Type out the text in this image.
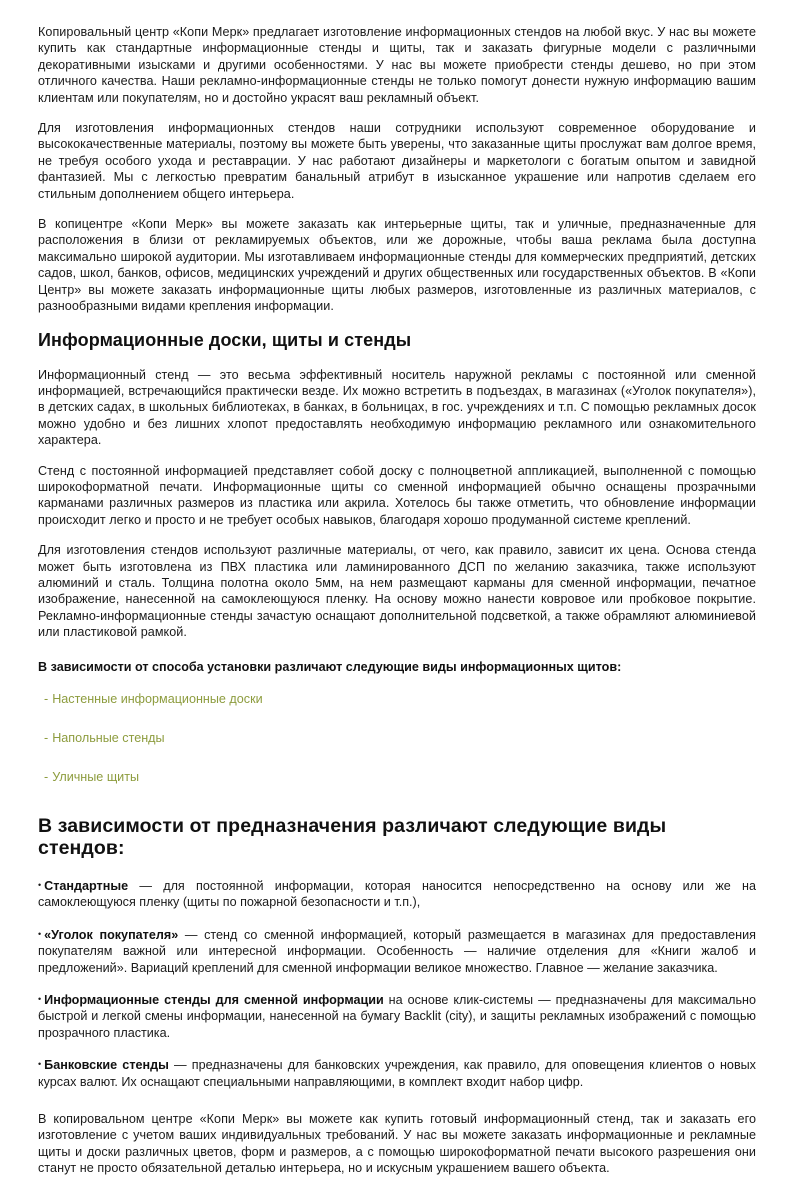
Копировальный центр «Копи Мерк» предлагает изготовление информационных стендов на любой вкус. У нас вы можете купить как стандартные информационные стенды и щиты, так и заказать фигурные модели с различными декоративными изысками и другими особенностями. У нас вы можете приобрести стенды дешево, но при этом отличного качества. Наши рекламно-информационные стенды не только помогут донести нужную информацию вашим клиентам или покупателям, но и достойно украсят ваш рекламный объект.

Для изготовления информационных стендов наши сотрудники используют современное оборудование и высококачественные материалы, поэтому вы можете быть уверены, что заказанные щиты прослужат вам долгое время, не требуя особого ухода и реставрации. У нас работают дизайнеры и маркетологи с богатым опытом и завидной фантазией. Мы с легкостью превратим банальный атрибут в изысканное украшение или напротив сделаем его стильным дополнением общего интерьера.

В копицентре «Копи Мерк» вы можете заказать как интерьерные щиты, так и уличные, предназначенные для расположения в близи от рекламируемых объектов, или же дорожные, чтобы ваша реклама была доступна максимально широкой аудитории. Мы изготавливаем информационные стенды для коммерческих предприятий, детских садов, школ, банков, офисов, медицинских учреждений и других общественных или государственных объектов. В «Копи Центр» вы можете заказать информационные щиты любых размеров, изготовленные из различных материалов, с разнообразными видами крепления информации.

Информационные доски, щиты и стенды

Информационный стенд — это весьма эффективный носитель наружной рекламы с постоянной или сменной информацией, встречающийся практически везде. Их можно встретить в подъездах, в магазинах («Уголок покупателя»), в детских садах, в школьных библиотеках, в банках, в больницах, в гос. учреждениях и т.п. С помощью рекламных досок можно удобно и без лишних хлопот предоставлять необходимую информацию рекламного или ознакомительного характера.

Стенд с постоянной информацией представляет собой доску с полноцветной аппликацией, выполненной с помощью широкоформатной печати. Информационные щиты со сменной информацией обычно оснащены прозрачными карманами различных размеров из пластика или акрила. Хотелось бы также отметить, что обновление информации происходит легко и просто и не требует особых навыков, благодаря хорошо продуманной системе креплений.

Для изготовления стендов используют различные материалы, от чего, как правило, зависит их цена. Основа стенда может быть изготовлена из ПВХ пластика или ламинированного ДСП по желанию заказчика, также используют алюминий и сталь. Толщина полотна около 5мм, на нем размещают карманы для сменной информации, печатное изображение, нанесенной на самоклеющуюся пленку. На основу можно нанести ковровое или пробковое покрытие. Рекламно-информационные стенды зачастую оснащают дополнительной подсветкой, а также обрамляют алюминиевой или пластиковой рамкой.

В зависимости от способа установки различают следующие виды информационных щитов:

- Настенные информационные доски
- Напольные стенды
- Уличные щиты
В зависимости от предназначения различают следующие виды стендов:

• Стандартные — для постоянной информации, которая наносится непосредственно на основу или же на самоклеющуюся пленку (щиты по пожарной безопасности и т.п.),

• «Уголок покупателя» — стенд со сменной информацией, который размещается в магазинах для предоставления покупателям важной или интересной информации. Особенность — наличие отделения для «Книги жалоб и предложений». Вариаций креплений для сменной информации великое множество. Главное — желание заказчика.

• Информационные стенды для сменной информации на основе клик-системы — предназначены для максимально быстрой и легкой смены информации, нанесенной на бумагу Backlit (city), и защиты рекламных изображений с помощью прозрачного пластика.

• Банковские стенды — предназначены для банковских учреждения, как правило, для оповещения клиентов о новых курсах валют. Их оснащают специальными направляющими, в комплект входит набор цифр.

В копировальном центре «Копи Мерк» вы можете как купить готовый информационный стенд, так и заказать его изготовление с учетом ваших индивидуальных требований. У нас вы можете заказать информационные и рекламные щиты и доски различных цветов, форм и размеров, а с помощью широкоформатной печати высокого разрешения они станут не просто обязательной деталью интерьера, но и искусным украшением вашего объекта.
